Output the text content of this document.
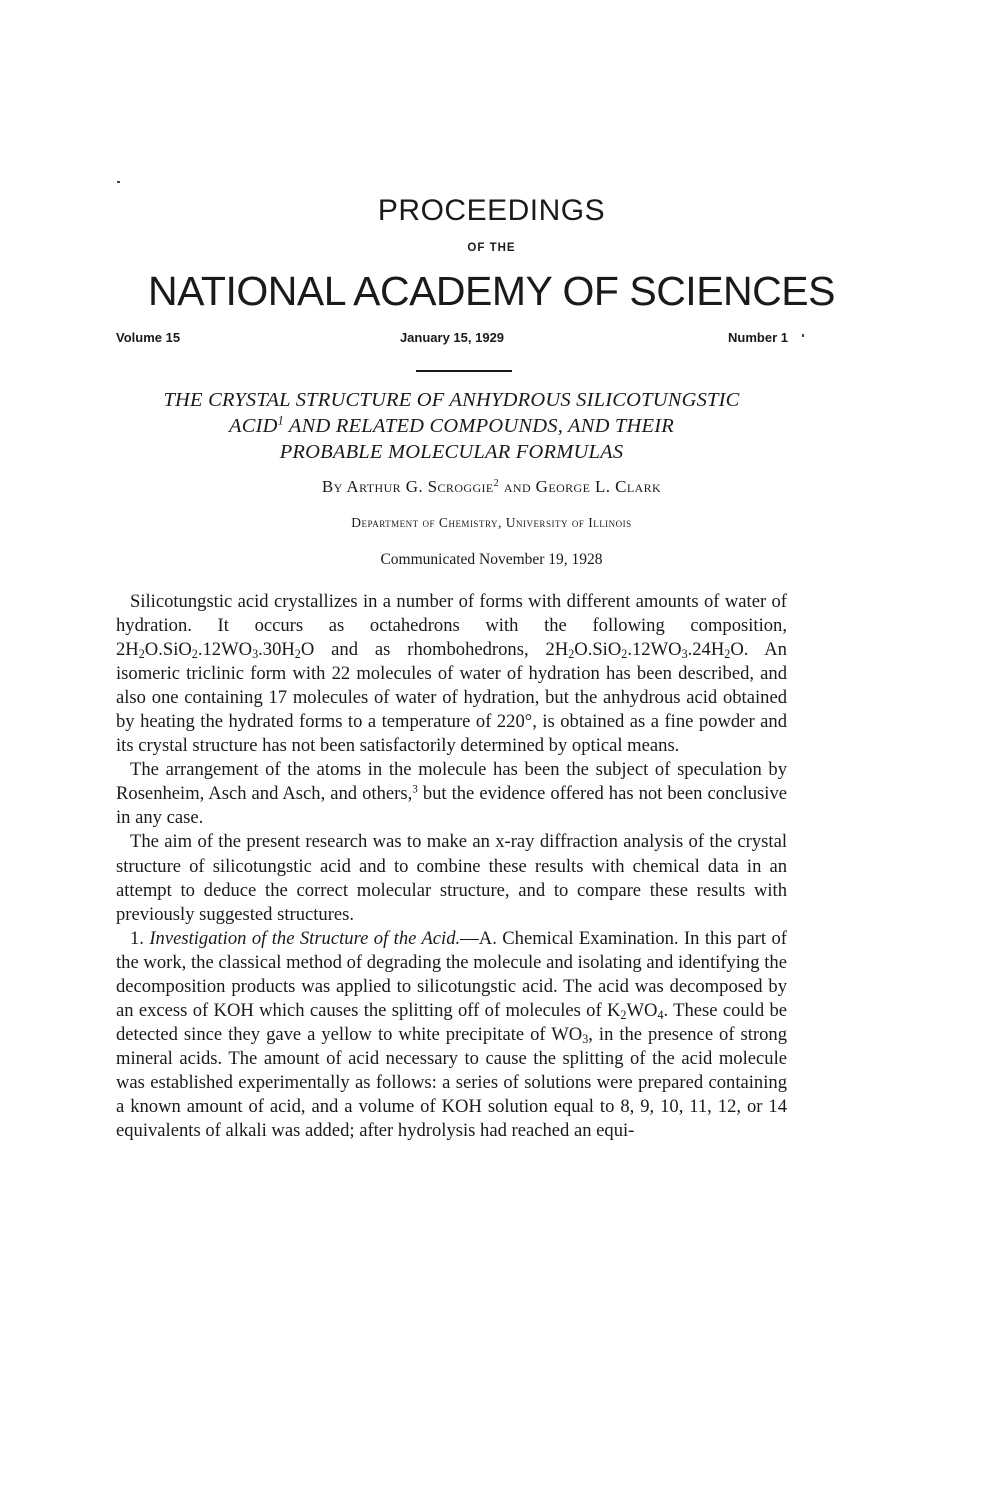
PROCEEDINGS
OF THE
NATIONAL ACADEMY OF SCIENCES
Volume 15	January 15, 1929	Number 1
THE CRYSTAL STRUCTURE OF ANHYDROUS SILICOTUNGSTIC
ACID$^1$ AND RELATED COMPOUNDS, AND THEIR
PROBABLE MOLECULAR FORMULAS
By Arthur G. Scroggie$^2$ and George L. Clark
Department of Chemistry, University of Illinois
Communicated November 19, 1928

Silicotungstic acid crystallizes in a number of forms with different amounts of water of hydration. It occurs as octahedrons with the following composition, $2H_2O.SiO_2.12WO_3.30H_2O$ and as rhombohedrons, $2H_2O.SiO_2.12WO_3.24H_2O$. An isomeric triclinic form with 22 molecules of water of hydration has been described, and also one containing 17 molecules of water of hydration, but the anhydrous acid obtained by heating the hydrated forms to a temperature of 220°, is obtained as a fine powder and its crystal structure has not been satisfactorily determined by optical means.

The arrangement of the atoms in the molecule has been the subject of speculation by Rosenheim, Asch and Asch, and others,$^3$ but the evidence offered has not been conclusive in any case.

The aim of the present research was to make an x-ray diffraction analysis of the crystal structure of silicotungstic acid and to combine these results with chemical data in an attempt to deduce the correct molecular structure, and to compare these results with previously suggested structures.

1. Investigation of the Structure of the Acid.—A. Chemical Examination. In this part of the work, the classical method of degrading the molecule and isolating and identifying the decomposition products was applied to silicotungstic acid. The acid was decomposed by an excess of KOH which causes the splitting off of molecules of $K_2WO_4$. These could be detected since they gave a yellow to white precipitate of $WO_3$, in the presence of strong mineral acids. The amount of acid necessary to cause the splitting of the acid molecule was established experimentally as follows: a series of solutions were prepared containing a known amount of acid, and a volume of KOH solution equal to 8, 9, 10, 11, 12, or 14 equivalents of alkali was added; after hydrolysis had reached an equi-
